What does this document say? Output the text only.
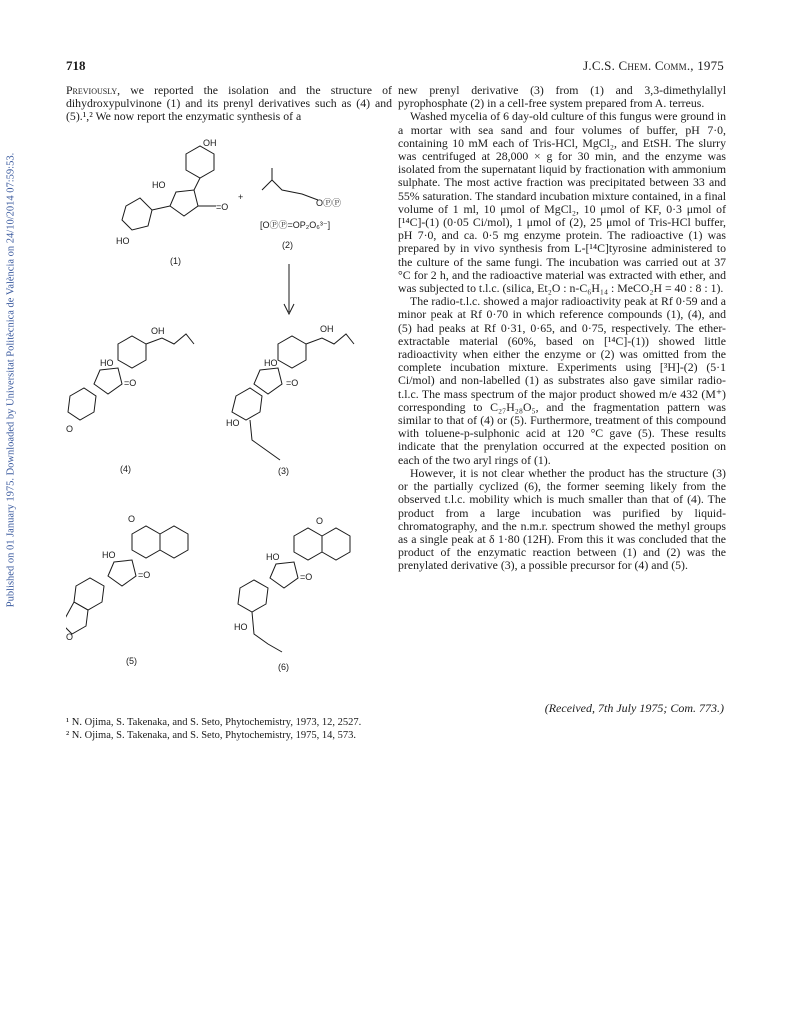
Published on 01 January 1975. Downloaded by Universitat Politècnica de València on 24/10/2014 07:59:53.
718	J.C.S. Chem. Comm., 1975

Previously, we reported the isolation and the structure of dihydroxypulvinone (1) and its prenyl derivatives such as (4) and (5).¹,² We now report the enzymatic synthesis of a

new prenyl derivative (3) from (1) and 3,3-dimethylallyl pyrophosphate (2) in a cell-free system prepared from A. terreus.

Washed mycelia of 6 day-old culture of this fungus were ground in a mortar with sea sand and four volumes of buffer, pH 7·0, containing 10 mM each of Tris-HCl, MgCl₂, and EtSH. The slurry was centrifuged at 28,000 × g for 30 min, and the enzyme was isolated from the supernatant liquid by fractionation with ammonium sulphate. The most active fraction was precipitated between 33 and 55% saturation. The standard incubation mixture contained, in a final volume of 1 ml, 10 μmol of MgCl₂, 10 μmol of KF, 0·3 μmol of [¹⁴C]-(1) (0·05 Ci/mol), 1 μmol of (2), 25 μmol of Tris-HCl buffer, pH 7·0, and ca. 0·5 mg enzyme protein. The radioactive (1) was prepared by in vivo synthesis from L-[¹⁴C]tyrosine administered to the culture of the same fungi. The incubation was carried out at 37 °C for 2 h, and the radioactive material was extracted with ether, and was subjected to t.l.c. (silica, Et₂O : n-C₆H₁₄ : MeCO₂H = 40 : 8 : 1).

The radio-t.l.c. showed a major radioactivity peak at Rf 0·59 and a minor peak at Rf 0·70 in which reference compounds (1), (4), and (5) had peaks at Rf 0·31, 0·65, and 0·75, respectively. The ether-extractable material (60%, based on [¹⁴C]-(1)) showed little radioactivity when either the enzyme or (2) was omitted from the complete incubation mixture. Experiments using [³H]-(2) (5·1 Ci/mol) and non-labelled (1) as substrates also gave similar radio-t.l.c. The mass spectrum of the major product showed m/e 432 (M⁺) corresponding to C₂₇H₂₈O₅, and the fragmentation pattern was similar to that of (4) or (5). Furthermore, treatment of this compound with toluene-p-sulphonic acid at 120 °C gave (5). These results indicate that the prenylation occurred at the expected position on each of the two aryl rings of (1).

However, it is not clear whether the product has the structure (3) or the partially cyclized (6), the former seeming likely from the observed t.l.c. mobility which is much smaller than that of (4). The product from a large incubation was purified by liquid-chromatography, and the n.m.r. spectrum showed the methyl groups as a single peak at δ 1·80 (12H). From this it was concluded that the product of the enzymatic reaction between (1) and (2) was the prenylated derivative (3), a possible precursor for (4) and (5).

OH
HO
=O
HO
(1)
+
OⓅⓅ
[OⓅⓅ=OP₂O₆³⁻]
(2)
OH
HO
=O
O
(4)
OH
HO
=O
HO
(3)
O
HO
=O
O
(5)
O
HO
=O
HO
(6)
(Received, 7th July 1975; Com. 773.)
¹ N. Ojima, S. Takenaka, and S. Seto, Phytochemistry, 1973, 12, 2527.
² N. Ojima, S. Takenaka, and S. Seto, Phytochemistry, 1975, 14, 573.
